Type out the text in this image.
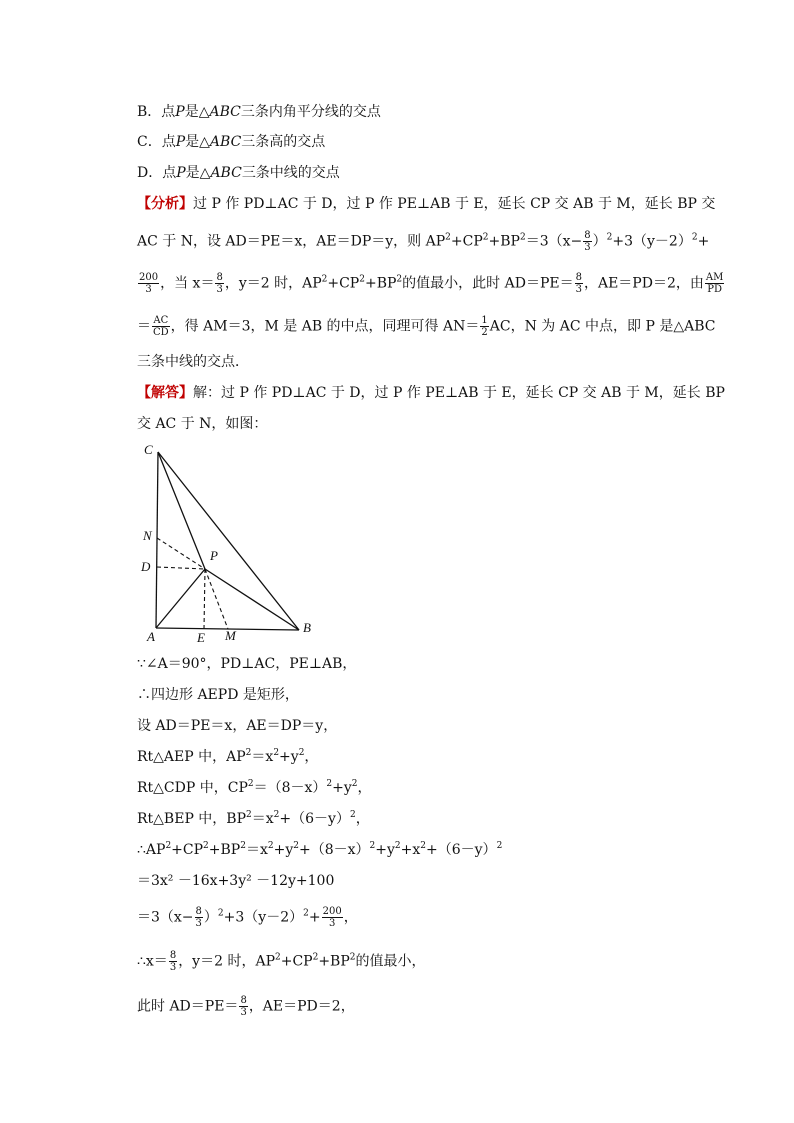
B．点P是△ABC三条内角平分线的交点
C．点P是△ABC三条高的交点
D．点P是△ABC三条中线的交点
【分析】过 P 作 PD⊥AC 于 D，过 P 作 PE⊥AB 于 E，延长 CP 交 AB 于 M，延长 BP 交
AC 于 N，设 AD＝PE＝x，AE＝DP＝y，则 $AP^2+CP^2+BP^2=3(x- \frac{8}{3} )^2+3(y-2)^2+$
$\frac{200}{3}$ ，当 $x= \frac{8}{3}$ ，y＝2 时，$AP^2+CP^2+BP^2$的值最小，此时 $AD=PE= \frac{8}{3}$ ，AE＝PD＝2，由 $\frac{AM}{PD}$
＝ $\frac{AC}{CD}$ ，得 AM＝3，M 是 AB 的中点，同理可得 $AN= \frac{1}{2}$ AC，N 为 AC 中点，即 P 是△ABC
三条中线的交点．
【解答】解：过 P 作 PD⊥AC 于 D，过 P 作 PE⊥AB 于 E，延长 CP 交 AB 于 M，延长 BP
交 AC 于 N，如图：
C
N
D
P
A	E M
B
∵∠A＝90°，PD⊥AC，PE⊥AB，
∴四边形 AEPD 是矩形，
设 AD＝PE＝x，AE＝DP＝y，
Rt△AEP 中，$AP^2=x^2+y^2$，
Rt△CDP 中，$CP^2=(8-x)^2+y^2$，
Rt△BEP 中，$BP^2=x^2+(6-y)^2$，
$\therefore AP^2+CP^2+BP^2=x^2+y^2+(8-x)^2+y^2+x^2+(6-y)^2$
＝3x² －16x+3y² －12y+100
$=3(x- \frac{8}{3} )^2+3(y-2)^2+ \frac{200}{3}$ ，
∴x＝ $\frac{8}{3}$ ，y＝2 时，$AP^2+CP^2+BP^2$的值最小，
此时 $AD=PE= \frac{8}{3}$ ，AE＝PD＝2，
